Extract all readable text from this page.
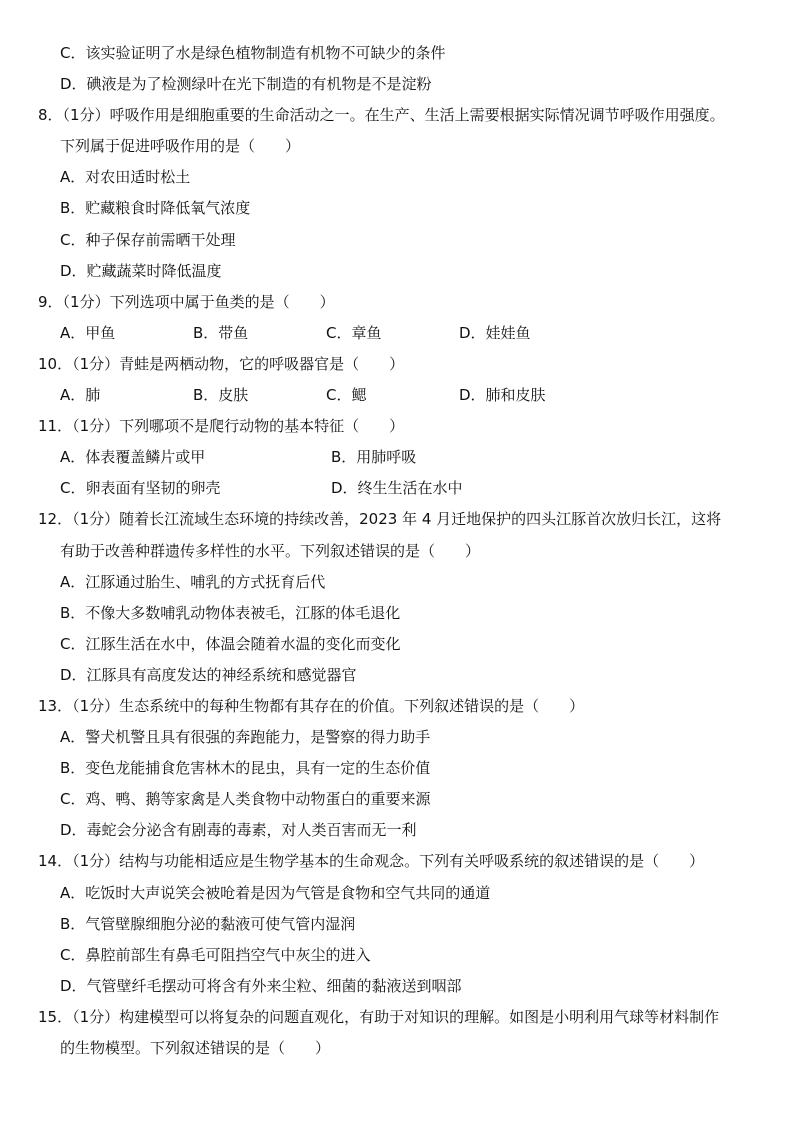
C．该实验证明了水是绿色植物制造有机物不可缺少的条件
D．碘液是为了检测绿叶在光下制造的有机物是不是淀粉
8．（1分）呼吸作用是细胞重要的生命活动之一。在生产、生活上需要根据实际情况调节呼吸作用强度。
下列属于促进呼吸作用的是（　　）
A．对农田适时松土
B．贮藏粮食时降低氧气浓度
C．种子保存前需晒干处理
D．贮藏蔬菜时降低温度
9．（1分）下列选项中属于鱼类的是（　　）
A．甲鱼	B．带鱼	C．章鱼	D．娃娃鱼
10．（1分）青蛙是两栖动物，它的呼吸器官是（　　）
A．肺	B．皮肤	C．鳃	D．肺和皮肤
11．（1分）下列哪项不是爬行动物的基本特征（　　）
A．体表覆盖鳞片或甲	B．用肺呼吸
C．卵表面有坚韧的卵壳	D．终生生活在水中
12．（1分）随着长江流域生态环境的持续改善，2023 年 4 月迁地保护的四头江豚首次放归长江，这将
有助于改善种群遗传多样性的水平。下列叙述错误的是（　　）
A．江豚通过胎生、哺乳的方式抚育后代
B．不像大多数哺乳动物体表被毛，江豚的体毛退化
C．江豚生活在水中，体温会随着水温的变化而变化
D．江豚具有高度发达的神经系统和感觉器官
13．（1分）生态系统中的每种生物都有其存在的价值。下列叙述错误的是（　　）
A．警犬机警且具有很强的奔跑能力，是警察的得力助手
B．变色龙能捕食危害林木的昆虫，具有一定的生态价值
C．鸡、鸭、鹅等家禽是人类食物中动物蛋白的重要来源
D．毒蛇会分泌含有剧毒的毒素，对人类百害而无一利
14．（1分）结构与功能相适应是生物学基本的生命观念。下列有关呼吸系统的叙述错误的是（　　）
A．吃饭时大声说笑会被呛着是因为气管是食物和空气共同的通道
B．气管壁腺细胞分泌的黏液可使气管内湿润
C．鼻腔前部生有鼻毛可阻挡空气中灰尘的进入
D．气管壁纤毛摆动可将含有外来尘粒、细菌的黏液送到咽部
15．（1分）构建模型可以将复杂的问题直观化，有助于对知识的理解。如图是小明利用气球等材料制作
的生物模型。下列叙述错误的是（　　）
